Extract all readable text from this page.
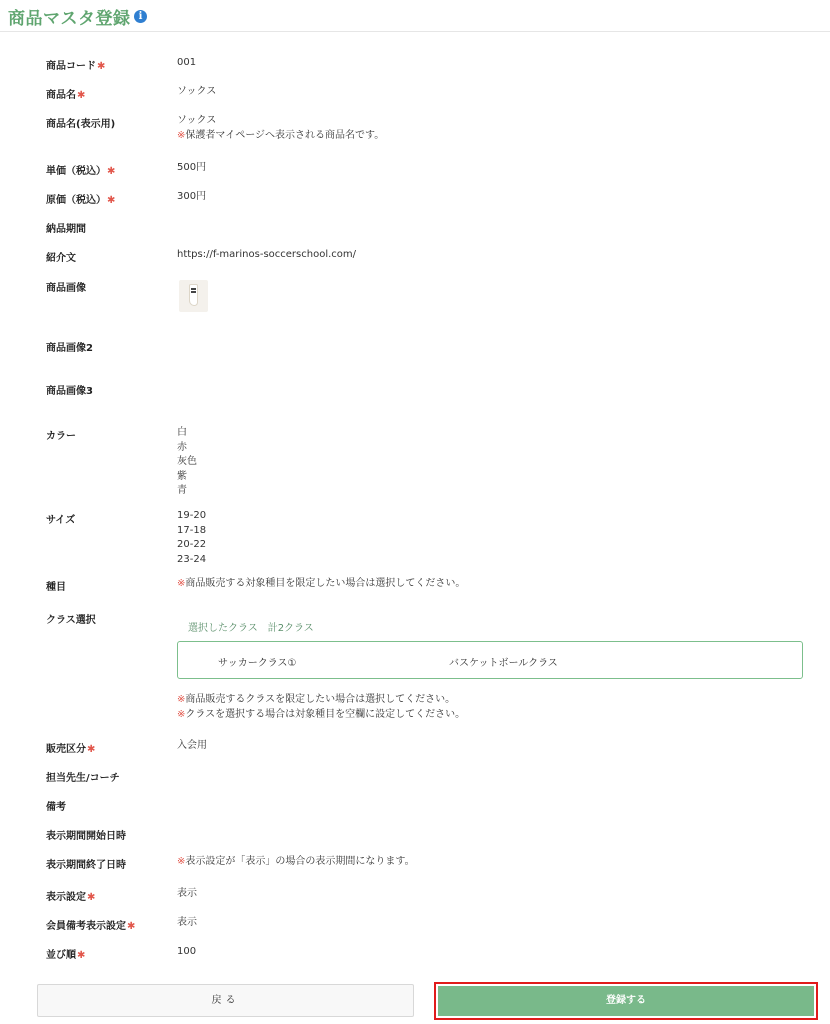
商品マスタ登録 i
商品コード✱	001
商品名✱	ソックス
商品名(表示用)	ソックス
※保護者マイページへ表示される商品名です。
単価（税込）✱	500円
原価（税込）✱	300円
納品期間
紹介文	https://f-marinos-soccerschool.com/
商品画像
商品画像2
商品画像3
カラー	白
赤
灰色
紫
青
サイズ	19-20
17-18
20-22
23-24
種目	※商品販売する対象種目を限定したい場合は選択してください。
クラス選択
選択したクラス　計2クラス
サッカークラス①	バスケットボールクラス
※商品販売するクラスを限定したい場合は選択してください。
※クラスを選択する場合は対象種目を空欄に設定してください。
販売区分✱	入会用
担当先生/コーチ
備考
表示期間開始日時
表示期間終了日時	※表示設定が「表示」の場合の表示期間になります。
表示設定✱	表示
会員備考表示設定✱	表示
並び順✱	100
戻る	登録する
